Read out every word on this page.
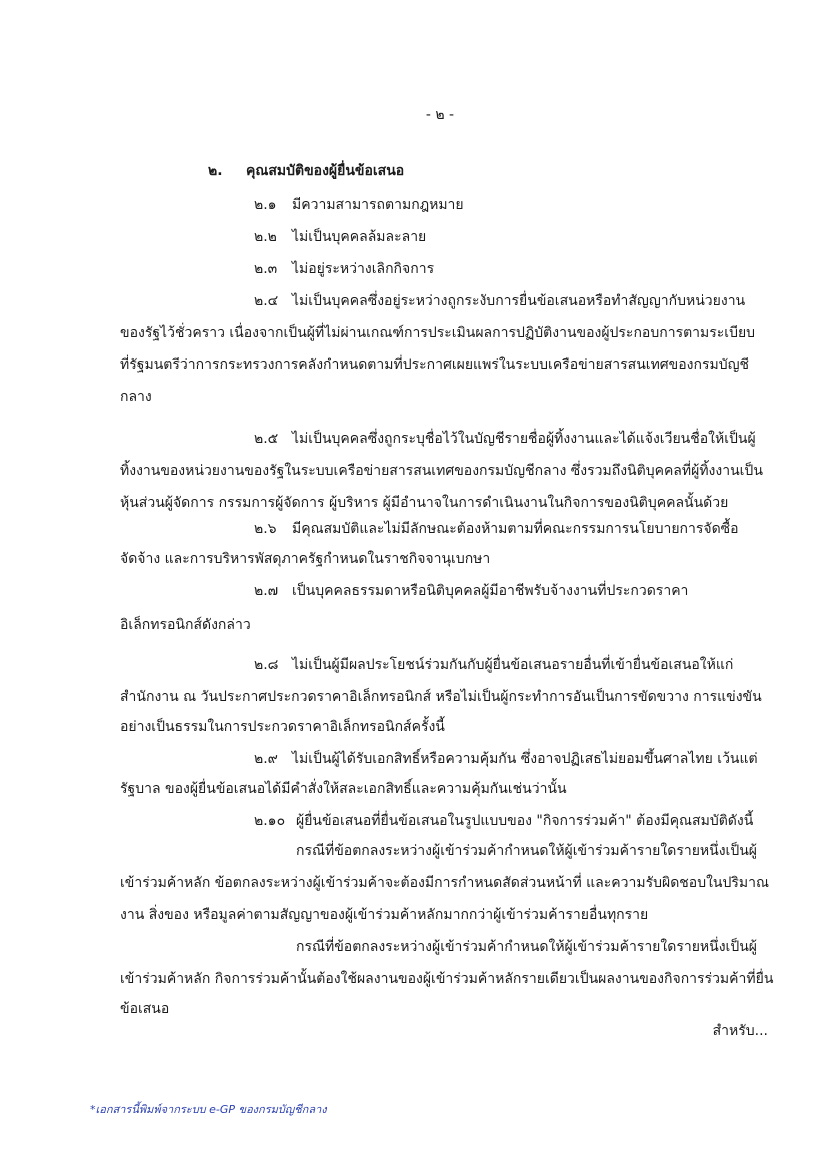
- ๒ -
๒. คุณสมบัติของผู้ยื่นข้อเสนอ
๒.๑ มีความสามารถตามกฎหมาย
๒.๒ ไม่เป็นบุคคลล้มละลาย
๒.๓ ไม่อยู่ระหว่างเลิกกิจการ
๒.๔ ไม่เป็นบุคคลซึ่งอยู่ระหว่างถูกระงับการยื่นข้อเสนอหรือทำสัญญากับหน่วยงาน
ของรัฐไว้ชั่วคราว เนื่องจากเป็นผู้ที่ไม่ผ่านเกณฑ์การประเมินผลการปฏิบัติงานของผู้ประกอบการตามระเบียบ
ที่รัฐมนตรีว่าการกระทรวงการคลังกำหนดตามที่ประกาศเผยแพร่ในระบบเครือข่ายสารสนเทศของกรมบัญชี
กลาง
๒.๕ ไม่เป็นบุคคลซึ่งถูกระบุชื่อไว้ในบัญชีรายชื่อผู้ทิ้งงานและได้แจ้งเวียนชื่อให้เป็นผู้
ทิ้งงานของหน่วยงานของรัฐในระบบเครือข่ายสารสนเทศของกรมบัญชีกลาง ซึ่งรวมถึงนิติบุคคลที่ผู้ทิ้งงานเป็น
หุ้นส่วนผู้จัดการ กรรมการผู้จัดการ ผู้บริหาร ผู้มีอำนาจในการดำเนินงานในกิจการของนิติบุคคลนั้นด้วย
๒.๖ มีคุณสมบัติและไม่มีลักษณะต้องห้ามตามที่คณะกรรมการนโยบายการจัดซื้อ
จัดจ้าง และการบริหารพัสดุภาครัฐกำหนดในราชกิจจานุเบกษา
๒.๗ เป็นบุคคลธรรมดาหรือนิติบุคคลผู้มีอาชีพรับจ้างงานที่ประกวดราคา
อิเล็กทรอนิกส์ดังกล่าว
๒.๘ ไม่เป็นผู้มีผลประโยชน์ร่วมกันกับผู้ยื่นข้อเสนอรายอื่นที่เข้ายื่นข้อเสนอให้แก่
สำนักงาน ณ วันประกาศประกวดราคาอิเล็กทรอนิกส์ หรือไม่เป็นผู้กระทำการอันเป็นการขัดขวาง การแข่งขัน
อย่างเป็นธรรมในการประกวดราคาอิเล็กทรอนิกส์ครั้งนี้
๒.๙ ไม่เป็นผู้ได้รับเอกสิทธิ์หรือความคุ้มกัน ซึ่งอาจปฏิเสธไม่ยอมขึ้นศาลไทย เว้นแต่
รัฐบาล ของผู้ยื่นข้อเสนอได้มีคำสั่งให้สละเอกสิทธิ์และความคุ้มกันเช่นว่านั้น
๒.๑๐ ผู้ยื่นข้อเสนอที่ยื่นข้อเสนอในรูปแบบของ "กิจการร่วมค้า" ต้องมีคุณสมบัติดังนี้
กรณีที่ข้อตกลงระหว่างผู้เข้าร่วมค้ากำหนดให้ผู้เข้าร่วมค้ารายใดรายหนึ่งเป็นผู้
เข้าร่วมค้าหลัก ข้อตกลงระหว่างผู้เข้าร่วมค้าจะต้องมีการกำหนดสัดส่วนหน้าที่ และความรับผิดชอบในปริมาณ
งาน สิ่งของ หรือมูลค่าตามสัญญาของผู้เข้าร่วมค้าหลักมากกว่าผู้เข้าร่วมค้ารายอื่นทุกราย
กรณีที่ข้อตกลงระหว่างผู้เข้าร่วมค้ากำหนดให้ผู้เข้าร่วมค้ารายใดรายหนึ่งเป็นผู้
เข้าร่วมค้าหลัก กิจการร่วมค้านั้นต้องใช้ผลงานของผู้เข้าร่วมค้าหลักรายเดียวเป็นผลงานของกิจการร่วมค้าที่ยื่น
ข้อเสนอ
สำหรับ...
*เอกสารนี้พิมพ์จากระบบ e-GP ของกรมบัญชีกลาง
